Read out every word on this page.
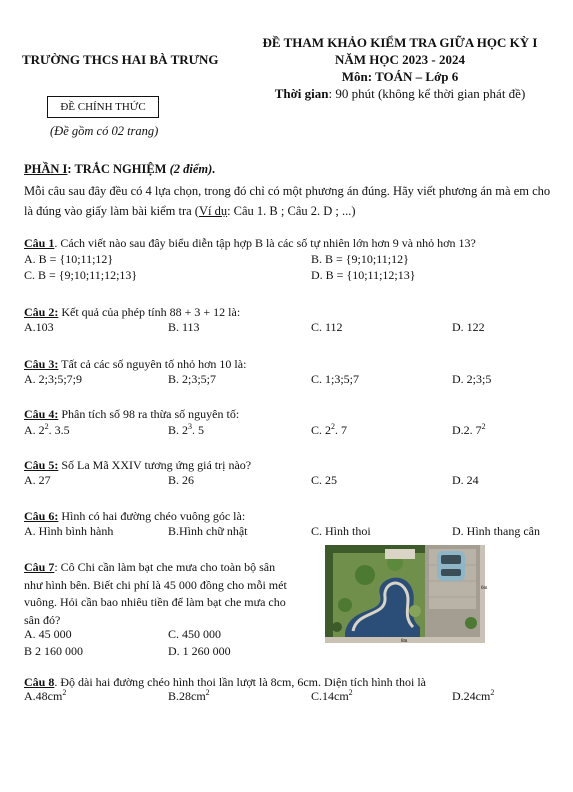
TRƯỜNG THCS HAI BÀ TRƯNG
ĐỀ THAM KHẢO KIỂM TRA GIỮA HỌC KỲ I
NĂM HỌC 2023 - 2024
Môn: TOÁN – Lớp 6
Thời gian: 90 phút (không kể thời gian phát đề)
ĐỀ CHÍNH THỨC
(Đề gồm có 02 trang)
PHẦN I: TRẮC NGHIỆM (2 điểm).
Mỗi câu sau đây đều có 4 lựa chọn, trong đó chỉ có một phương án đúng. Hãy viết phương án mà em cho là đúng vào giấy làm bài kiểm tra (Ví dụ: Câu 1. B ; Câu 2. D ; ...)
Câu 1. Cách viết nào sau đây biểu diễn tập hợp B là các số tự nhiên lớn hơn 9 và nhỏ hơn 13?
A. B = {10;11;12}	B. B = {9;10;11;12}
C. B = {9;10;11;12;13}	D. B = {10;11;12;13}
Câu 2: Kết quả của phép tính 88 + 3 + 12 là:
A.103	B. 113	C. 112	D. 122
Câu 3: Tất cả các số nguyên tố nhỏ hơn 10 là:
A. 2;3;5;7;9	B. 2;3;5;7	C. 1;3;5;7	D. 2;3;5
Câu 4: Phân tích số 98 ra thừa số nguyên tố:
A. $2^2$. 3.5	B. $2^3$. 5	C. $2^2$. 7	D.2. $7^2$
Câu 5: Số La Mã XXIV tương ứng giá trị nào?
A. 27	B. 26	C. 25	D. 24
Câu 6: Hình có hai đường chéo vuông góc là:
A. Hình bình hành	B.Hình chữ nhật	C. Hình thoi	D. Hình thang cân
Câu 7: Cô Chi cần làm bạt che mưa cho toàn bộ sân như hình bên. Biết chi phí là 45 000 đồng cho mỗi mét vuông. Hỏi cần bao nhiêu tiền để làm bạt che mưa cho sân đó?
A. 45 000	C. 450 000
B 2 160 000	D. 1 260 000
6m
8m
Câu 8. Độ dài hai đường chéo hình thoi lần lượt là 8cm, 6cm. Diện tích hình thoi là
$A.48cm^2$	$B.28cm^2$	$C.14cm^2$	$D.24cm^2$
